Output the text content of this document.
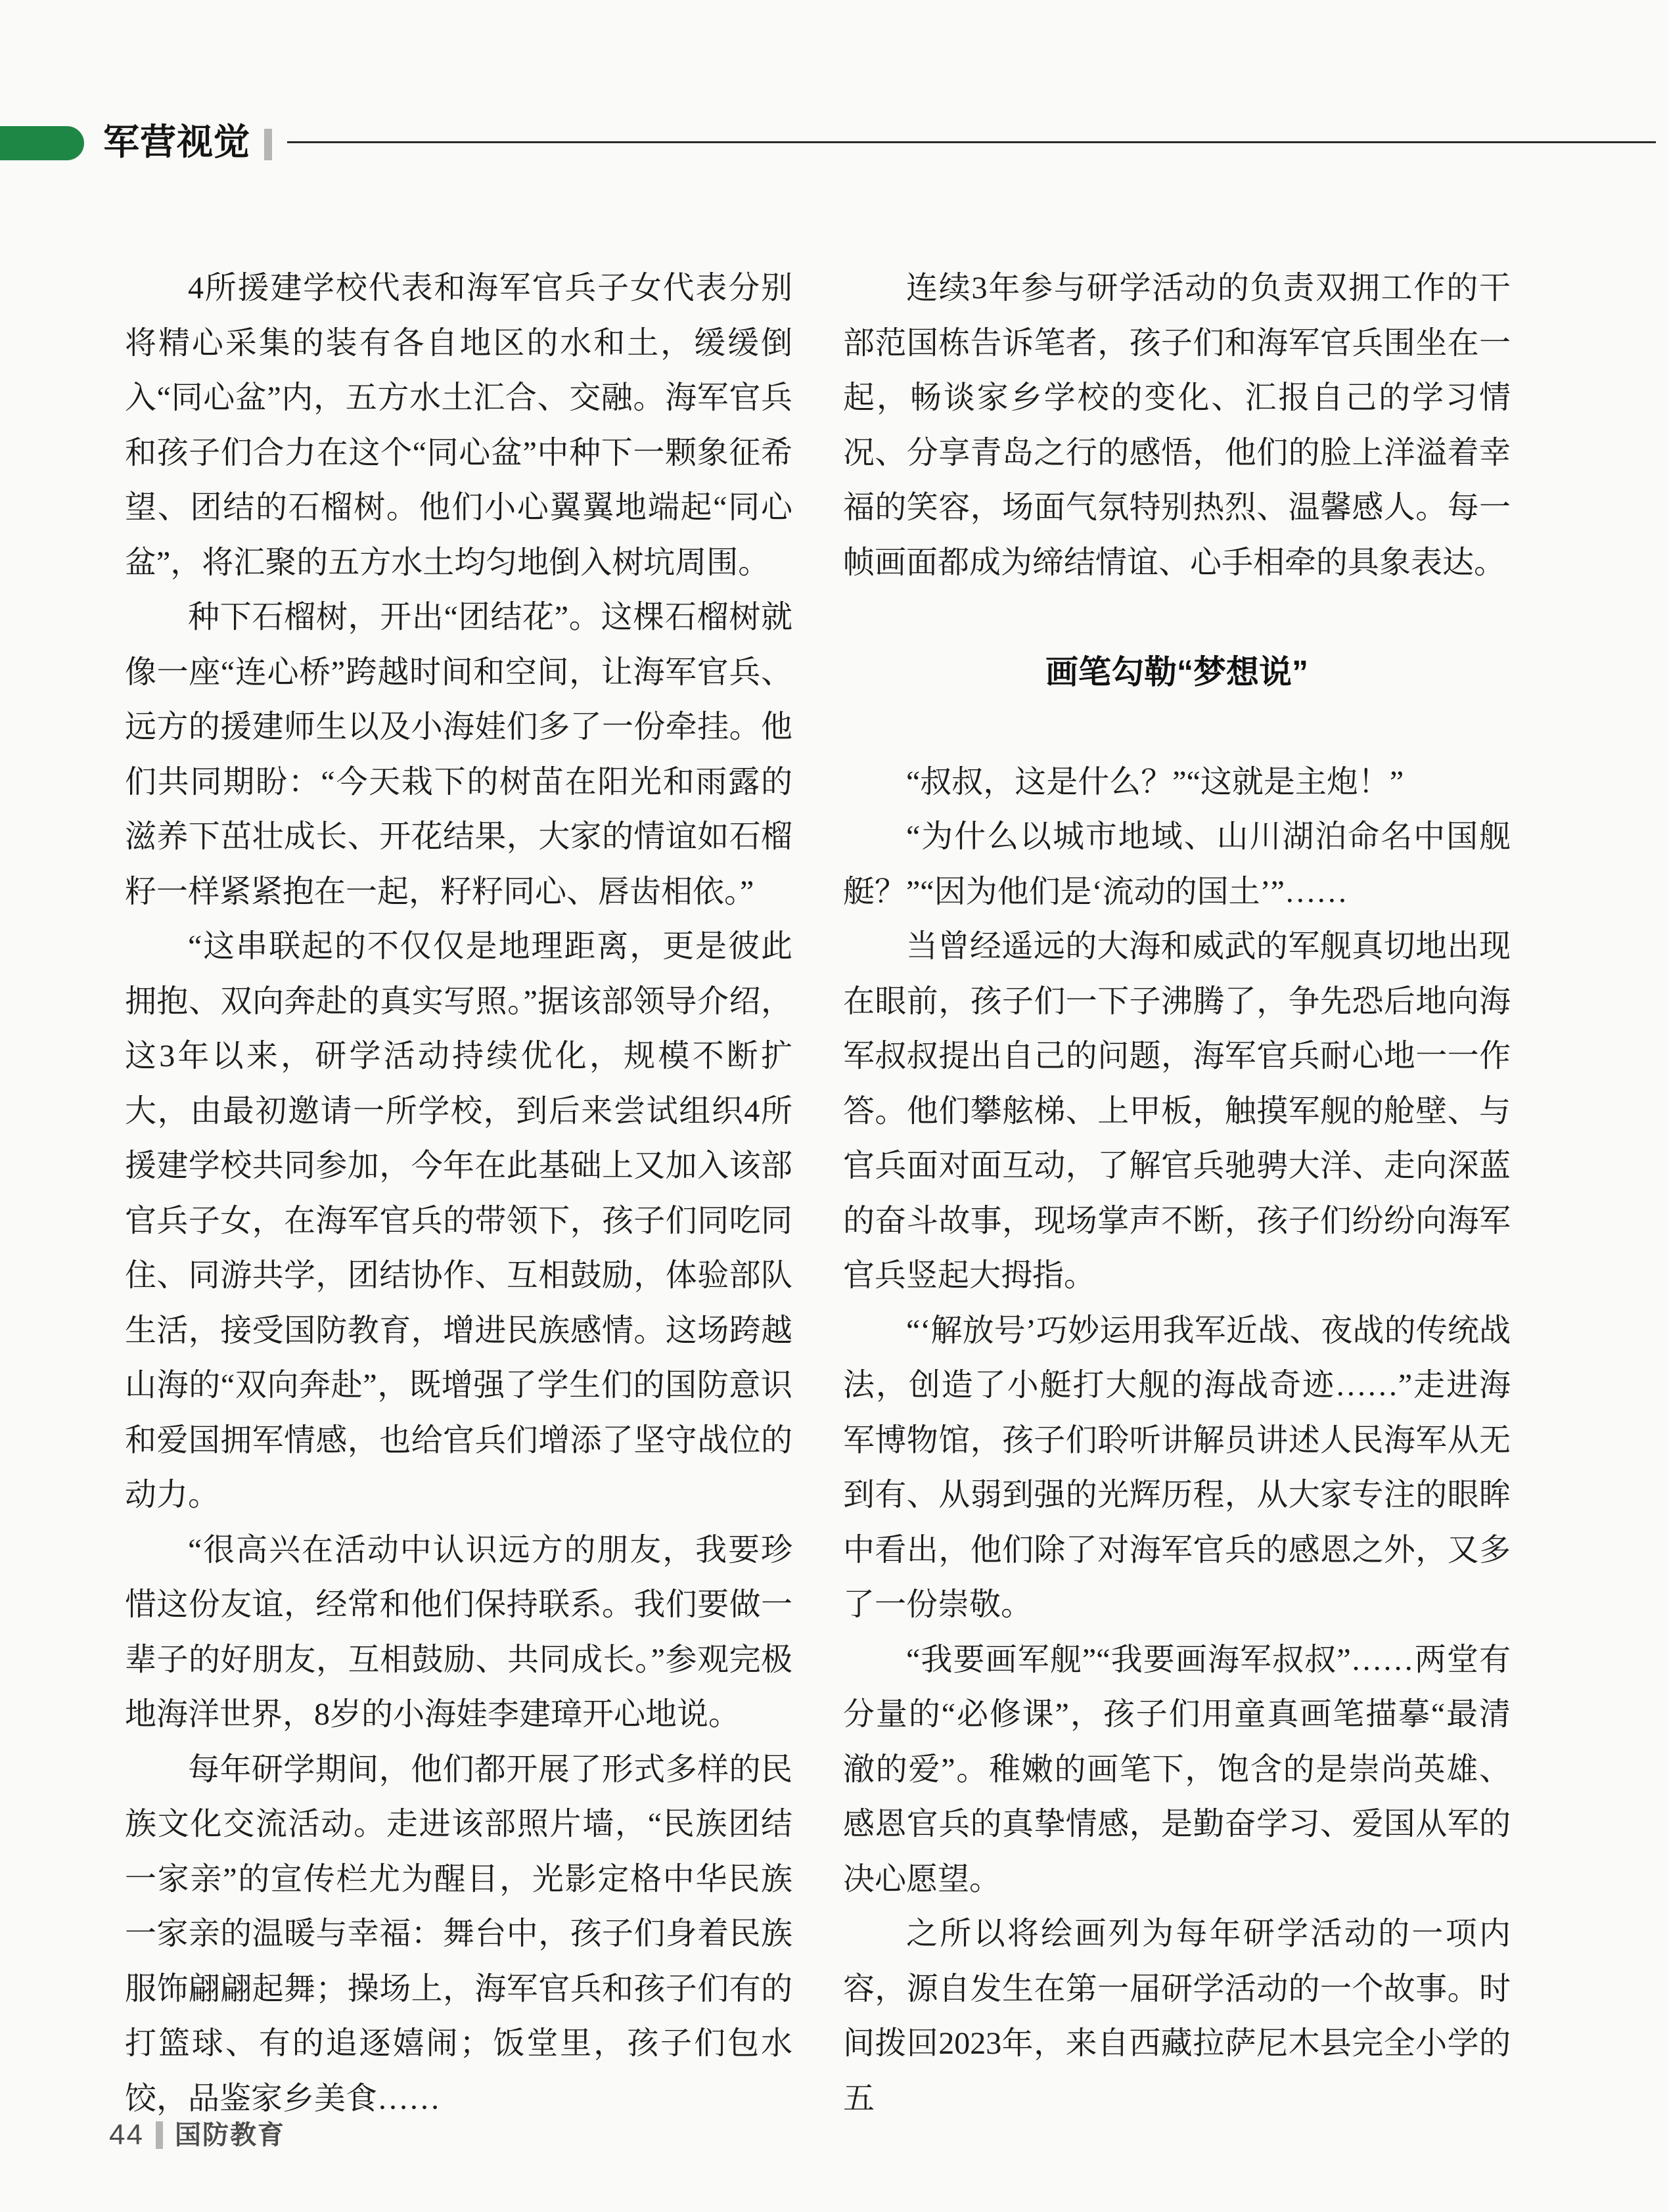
军营视觉

4所援建学校代表和海军官兵子女代表分别将精心采集的装有各自地区的水和土，缓缓倒入“同心盆”内，五方水土汇合、交融。海军官兵和孩子们合力在这个“同心盆”中种下一颗象征希望、团结的石榴树。他们小心翼翼地端起“同心盆”，将汇聚的五方水土均匀地倒入树坑周围。

种下石榴树，开出“团结花”。这棵石榴树就像一座“连心桥”跨越时间和空间，让海军官兵、远方的援建师生以及小海娃们多了一份牵挂。他们共同期盼：“今天栽下的树苗在阳光和雨露的滋养下茁壮成长、开花结果，大家的情谊如石榴籽一样紧紧抱在一起，籽籽同心、唇齿相依。”

“这串联起的不仅仅是地理距离，更是彼此拥抱、双向奔赴的真实写照。”据该部领导介绍，这3年以来，研学活动持续优化，规模不断扩大，由最初邀请一所学校，到后来尝试组织4所援建学校共同参加，今年在此基础上又加入该部官兵子女，在海军官兵的带领下，孩子们同吃同住、同游共学，团结协作、互相鼓励，体验部队生活，接受国防教育，增进民族感情。这场跨越山海的“双向奔赴”，既增强了学生们的国防意识和爱国拥军情感，也给官兵们增添了坚守战位的动力。

“很高兴在活动中认识远方的朋友，我要珍惜这份友谊，经常和他们保持联系。我们要做一辈子的好朋友，互相鼓励、共同成长。”参观完极地海洋世界，8岁的小海娃李建璋开心地说。

每年研学期间，他们都开展了形式多样的民族文化交流活动。走进该部照片墙，“民族团结一家亲”的宣传栏尤为醒目，光影定格中华民族一家亲的温暖与幸福：舞台中，孩子们身着民族服饰翩翩起舞；操场上，海军官兵和孩子们有的打篮球、有的追逐嬉闹；饭堂里，孩子们包水饺，品鉴家乡美食……

连续3年参与研学活动的负责双拥工作的干部范国栋告诉笔者，孩子们和海军官兵围坐在一起，畅谈家乡学校的变化、汇报自己的学习情况、分享青岛之行的感悟，他们的脸上洋溢着幸福的笑容，场面气氛特别热烈、温馨感人。每一帧画面都成为缔结情谊、心手相牵的具象表达。

画笔勾勒“梦想说”

“叔叔，这是什么？”“这就是主炮！”

“为什么以城市地域、山川湖泊命名中国舰艇？”“因为他们是‘流动的国土’”……

当曾经遥远的大海和威武的军舰真切地出现在眼前，孩子们一下子沸腾了，争先恐后地向海军叔叔提出自己的问题，海军官兵耐心地一一作答。他们攀舷梯、上甲板，触摸军舰的舱壁、与官兵面对面互动，了解官兵驰骋大洋、走向深蓝的奋斗故事，现场掌声不断，孩子们纷纷向海军官兵竖起大拇指。

“‘解放号’巧妙运用我军近战、夜战的传统战法，创造了小艇打大舰的海战奇迹……”走进海军博物馆，孩子们聆听讲解员讲述人民海军从无到有、从弱到强的光辉历程，从大家专注的眼眸中看出，他们除了对海军官兵的感恩之外，又多了一份崇敬。

“我要画军舰”“我要画海军叔叔”……两堂有分量的“必修课”，孩子们用童真画笔描摹“最清澈的爱”。稚嫩的画笔下，饱含的是崇尚英雄、感恩官兵的真挚情感，是勤奋学习、爱国从军的决心愿望。

之所以将绘画列为每年研学活动的一项内容，源自发生在第一届研学活动的一个故事。时间拨回2023年，来自西藏拉萨尼木县完全小学的五

44 国防教育
